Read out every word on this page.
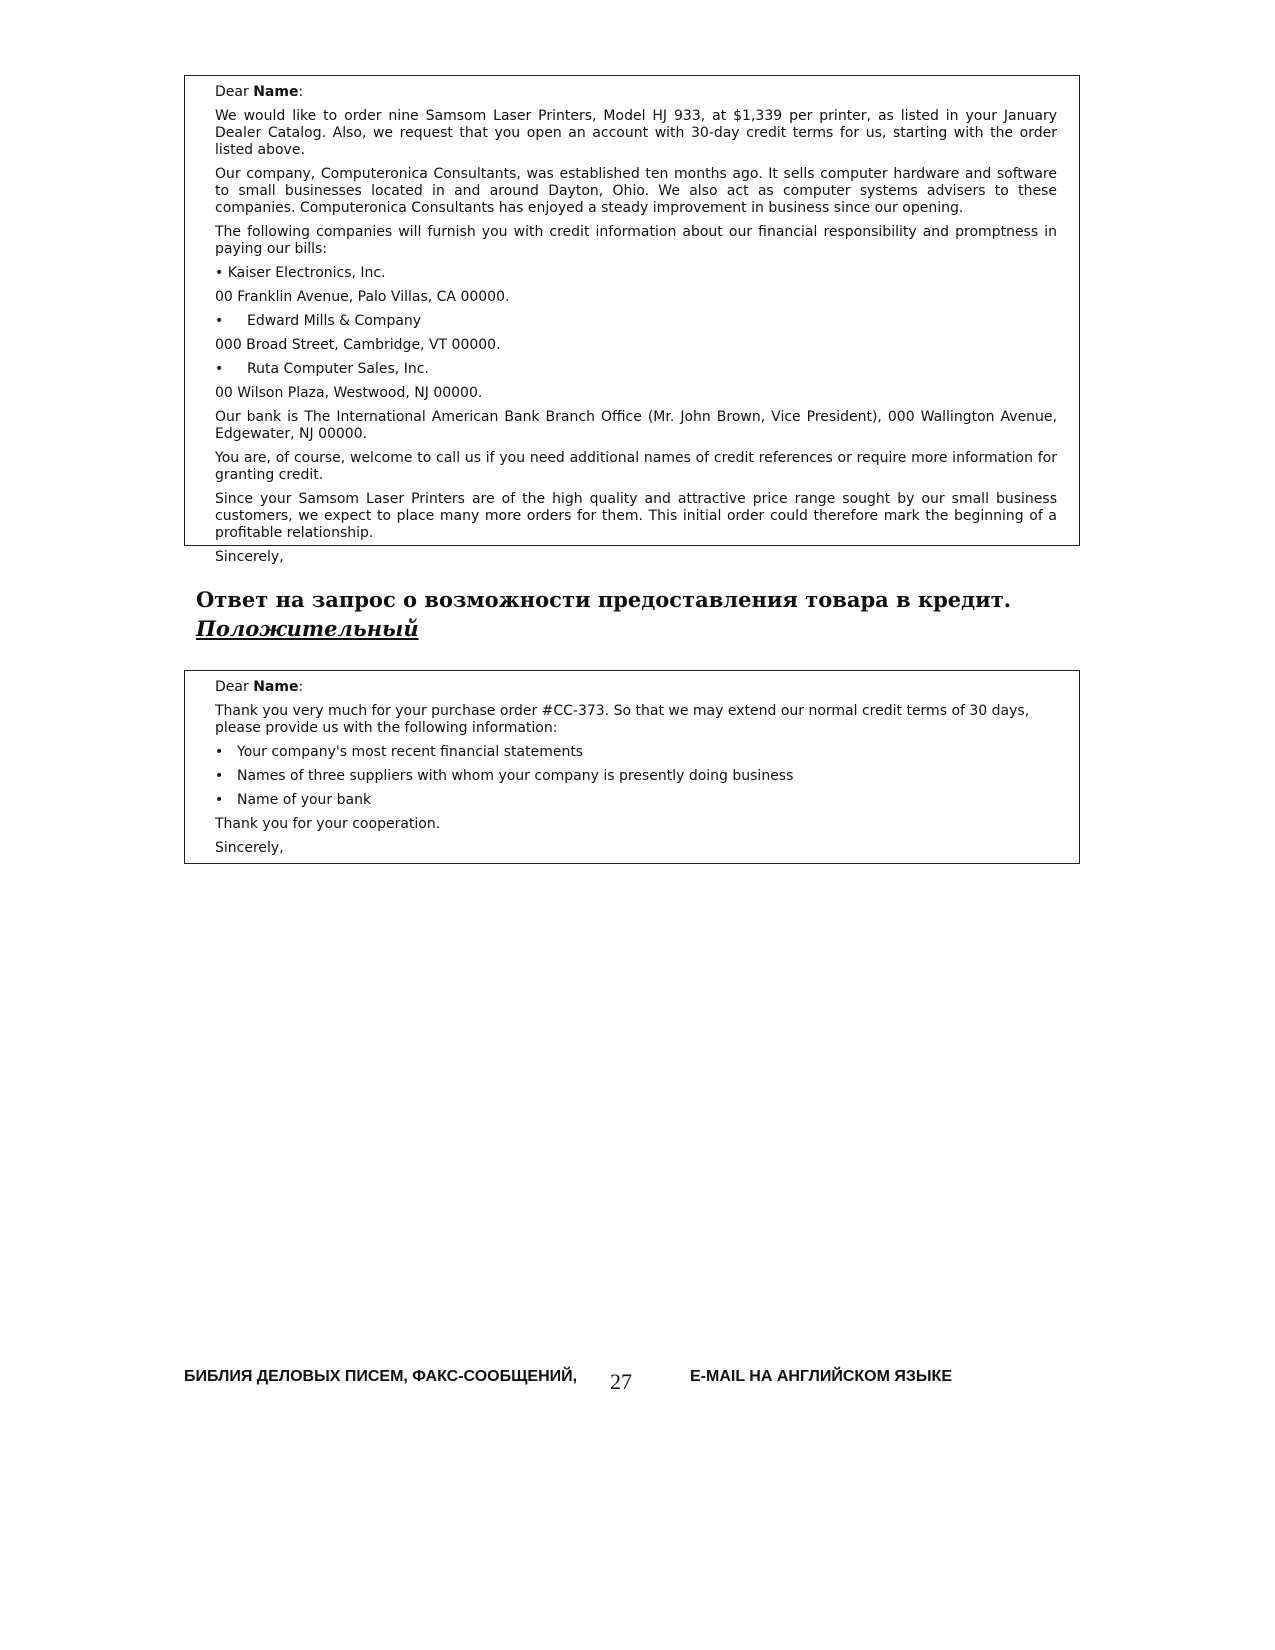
Dear Name:

We would like to order nine Samsom Laser Printers, Model HJ 933, at $1,339 per printer, as listed in your January Dealer Catalog. Also, we request that you open an account with 30-day credit terms for us, starting with the order listed above.

Our company, Computeronica Consultants, was established ten months ago. It sells computer hardware and software to small businesses located in and around Dayton, Ohio. We also act as computer systems advisers to these companies. Computeronica Consultants has enjoyed a steady improvement in business since our opening.

The following companies will furnish you with credit information about our financial responsibility and promptness in paying our bills:

• Kaiser Electronics, Inc.

00 Franklin Avenue, Palo Villas, CA 00000.

• Edward Mills & Company

000 Broad Street, Cambridge, VT 00000.

• Ruta Computer Sales, Inc.

00 Wilson Plaza, Westwood, NJ 00000.

Our bank is The International American Bank Branch Office (Mr. John Brown, Vice President), 000 Wallington Avenue, Edgewater, NJ 00000.

You are, of course, welcome to call us if you need additional names of credit references or require more information for granting credit.

Since your Samsom Laser Printers are of the high quality and attractive price range sought by our small business customers, we expect to place many more orders for them. This initial order could therefore mark the beginning of a profitable relationship.

Sincerely,

Ответ на запрос о возможности предоставления товара в кредит.
Положительный

Dear Name:

Thank you very much for your purchase order #CC-373. So that we may extend our normal credit terms of 30 days, please provide us with the following information:

• Your company's most recent financial statements

• Names of three suppliers with whom your company is presently doing business

• Name of your bank

Thank you for your cooperation.

Sincerely,

БИБЛИЯ ДЕЛОВЫХ ПИСЕМ, ФАКС-СООБЩЕНИЙ, 27	E-MAIL НА АНГЛИЙСКОМ ЯЗЫКЕ
